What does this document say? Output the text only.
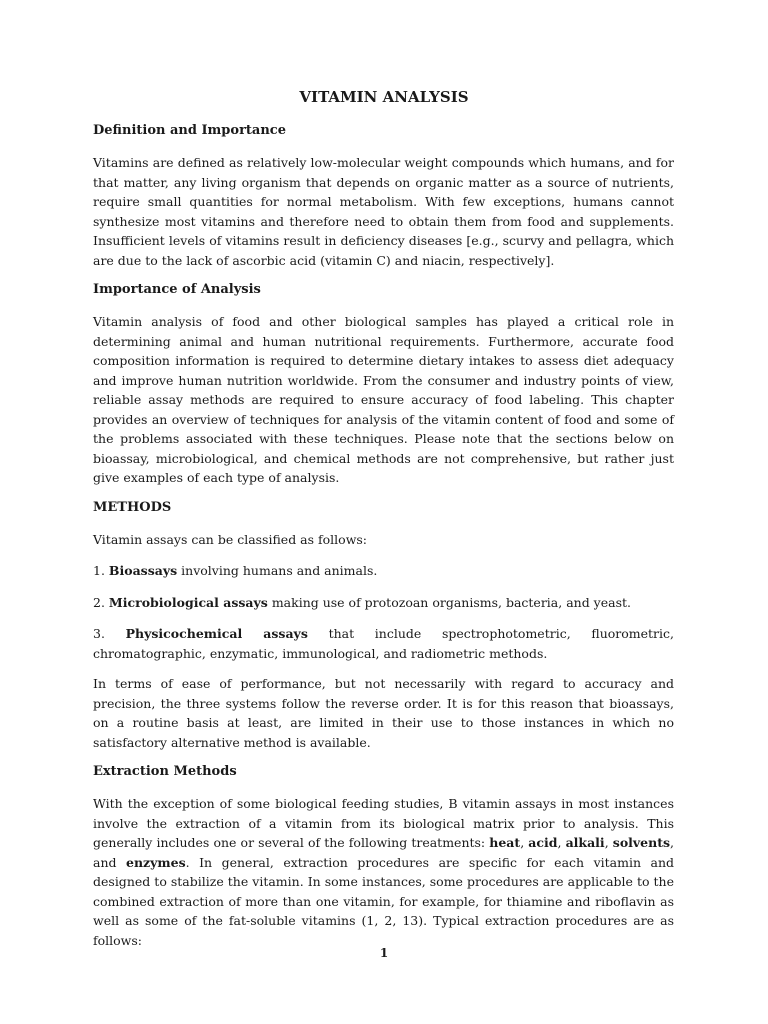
VITAMIN ANALYSIS

Definition and Importance

Vitamins are defined as relatively low-molecular weight compounds which humans, and for that matter, any living organism that depends on organic matter as a source of nutrients, require small quantities for normal metabolism. With few exceptions, humans cannot synthesize most vitamins and therefore need to obtain them from food and supplements. Insufficient levels of vitamins result in deficiency diseases [e.g., scurvy and pellagra, which are due to the lack of ascorbic acid (vitamin C) and niacin, respectively].

Importance of Analysis

Vitamin analysis of food and other biological samples has played a critical role in determining animal and human nutritional requirements. Furthermore, accurate food composition information is required to determine dietary intakes to assess diet adequacy and improve human nutrition worldwide. From the consumer and industry points of view, reliable assay methods are required to ensure accuracy of food labeling. This chapter provides an overview of techniques for analysis of the vitamin content of food and some of the problems associated with these techniques. Please note that the sections below on bioassay, microbiological, and chemical methods are not comprehensive, but rather just give examples of each type of analysis.

METHODS

Vitamin assays can be classified as follows:

1. Bioassays involving humans and animals.

2. Microbiological assays making use of protozoan organisms, bacteria, and yeast.

3. Physicochemical assays that include spectrophotometric, fluorometric, chromatographic, enzymatic, immunological, and radiometric methods.

In terms of ease of performance, but not necessarily with regard to accuracy and precision, the three systems follow the reverse order. It is for this reason that bioassays, on a routine basis at least, are limited in their use to those instances in which no satisfactory alternative method is available.

Extraction Methods

With the exception of some biological feeding studies, B vitamin assays in most instances involve the extraction of a vitamin from its biological matrix prior to analysis. This generally includes one or several of the following treatments: heat, acid, alkali, solvents, and enzymes. In general, extraction procedures are specific for each vitamin and designed to stabilize the vitamin. In some instances, some procedures are applicable to the combined extraction of more than one vitamin, for example, for thiamine and riboflavin as well as some of the fat-soluble vitamins (1, 2, 13). Typical extraction procedures are as follows:

1
